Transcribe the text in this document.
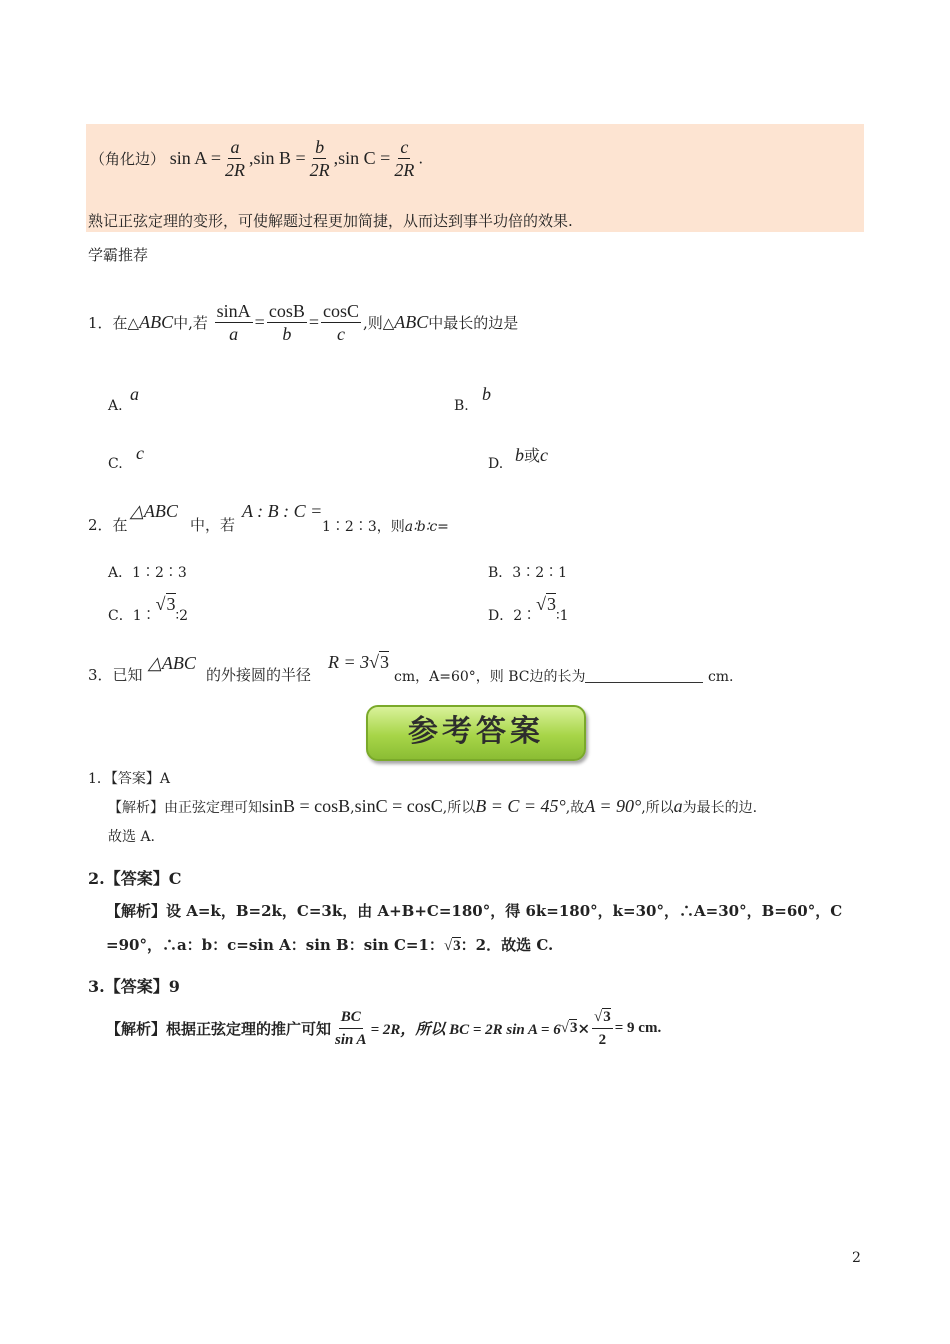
（角化边） $\sin A = \frac{a}{2R} ,\sin$ $B = \frac{b}{2R} ,\sin$ $C = \frac{c}{2R}$ .
熟记正弦定理的变形，可使解题过程更加简捷，从而达到事半功倍的效果.
学霸推荐
1．在△ABC中,若 $\frac{\sin A}{a} = \frac{\cos B}{b} = \frac{\cos C}{c}$ ,则△ABC中最长的边是
A.
a
B.
b
C.
c
D. b或c
2．在
△ABC
中，若
A : B : C =
1∶2∶3，则a∶b∶c=
A．1∶2∶3	B．3∶2∶1
C．1∶√3∶2	D．2∶√3∶1
3．已知
△ABC
的外接圆的半径
R = 3√3
cm，A=60°，则 BC边的长为	cm.
参考答案
1．【答案】A
【解析】由正弦定理可知sinB = cosB,sinC = cosC,所以B = C = 45°,故A = 90°,所以a为最长的边.
故选 A.
2.【答案】C
【解析】设 A=k，B=2k，C=3k，由 A+B+C=180°，得 6k=180°，k=30°，∴A=30°，B=60°，C
=90°，∴a：b：c=sin A：sin B：sin C=1：√3：2．故选 C.
3.【答案】9
【解析】根据正弦定理的推广可知 $\frac{BC}{\text{sin A}} = 2R$，所以 BC = 2R $\sin A = 6√3\times \frac{√3}{2} = 9$ cm.
2
